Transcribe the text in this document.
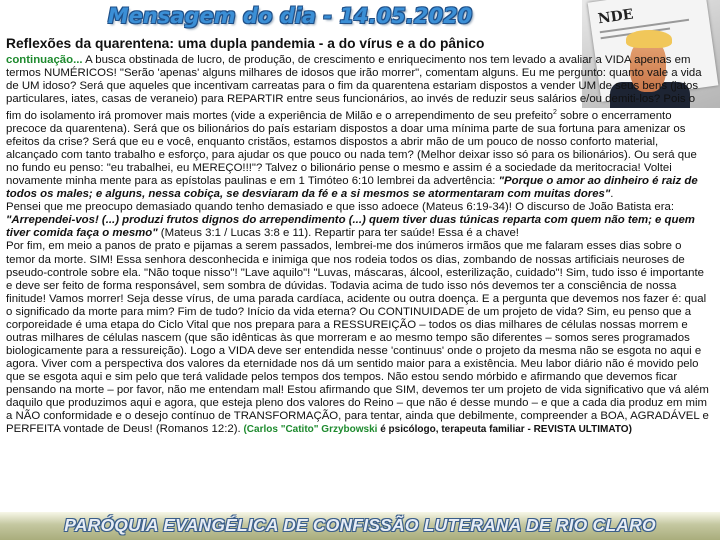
Mensagem do dia - 14.05.2020	NDE
Reflexões da quarentena: uma dupla pandemia - a do vírus e a do pânico

continuação... A busca obstinada de lucro, de produção, de crescimento e enriquecimento nos tem levado a avaliar a VIDA apenas em termos NUMÉRICOS! "Serão 'apenas' alguns milhares de idosos que irão morrer", comentam alguns. Eu me pergunto: quanto vale a vida de UM idoso? Será que aqueles que incentivam carreatas para o fim da quarentena estariam dispostos a vender UM de seus bens (jatos particulares, iates, casas de veraneio) para REPARTIR entre seus funcionários, ao invés de reduzir seus salários e/ou demiti-los? Pois o fim do isolamento irá promover mais mortes (vide a experiência de Milão e o arrependimento de seu prefeito$^2$ sobre o encerramento precoce da quarentena). Será que os bilionários do país estariam dispostos a doar uma mínima parte de sua fortuna para amenizar os efeitos da crise? Será que eu e você, enquanto cristãos, estamos dispostos a abrir mão de um pouco de nosso conforto material, alcançado com tanto trabalho e esforço, para ajudar os que pouco ou nada tem? (Melhor deixar isso só para os bilionários). Ou será que no fundo eu penso: "eu trabalhei, eu MEREÇO!!!"? Talvez o bilionário pense o mesmo e assim é a sociedade da meritocracia! Voltei novamente minha mente para as epístolas paulinas e em 1 Timóteo 6:10 lembrei da advertência: "Porque o amor ao dinheiro é raiz de todos os males; e alguns, nessa cobiça, se desviaram da fé e a si mesmos se atormentaram com muitas dores".

Pensei que me preocupo demasiado quando tenho demasiado e que isso adoece (Mateus 6:19-34)! O discurso de João Batista era: "Arrependei-vos! (...) produzi frutos dignos do arrependimento (...) quem tiver duas túnicas reparta com quem não tem; e quem tiver comida faça o mesmo" (Mateus 3:1 / Lucas 3:8 e 11). Repartir para ter saúde! Essa é a chave!

Por fim, em meio a panos de prato e pijamas a serem passados, lembrei-me dos inúmeros irmãos que me falaram esses dias sobre o temor da morte. SIM! Essa senhora desconhecida e inimiga que nos rodeia todos os dias, zombando de nossas artificiais neuroses de pseudo-controle sobre ela. "Não toque nisso"! "Lave aquilo"! "Luvas, máscaras, álcool, esterilização, cuidado"! Sim, tudo isso é importante e deve ser feito de forma responsável, sem sombra de dúvidas. Todavia acima de tudo isso nós devemos ter a consciência de nossa finitude! Vamos morrer! Seja desse vírus, de uma parada cardíaca, acidente ou outra doença. E a pergunta que devemos nos fazer é: qual o significado da morte para mim? Fim de tudo? Início da vida eterna? Ou CONTINUIDADE de um projeto de vida? Sim, eu penso que a corporeidade é uma etapa do Ciclo Vital que nos prepara para a RESSUREIÇÃO – todos os dias milhares de células nossas morrem e outras milhares de células nascem (que são idênticas às que morreram e ao mesmo tempo são diferentes – somos seres programados biologicamente para a ressureição). Logo a VIDA deve ser entendida nesse 'continuus' onde o projeto da mesma não se esgota no aqui e agora. Viver com a perspectiva dos valores da eternidade nos dá um sentido maior para a existência. Meu labor diário não é movido pelo que se esgota aqui e sim pelo que terá validade pelos tempos dos tempos. Não estou sendo mórbido e afirmando que devemos ficar pensando na morte – por favor, não me entendam mal! Estou afirmando que SIM, devemos ter um projeto de vida significativo que vá além daquilo que produzimos aqui e agora, que esteja pleno dos valores do Reino – que não é desse mundo – e que a cada dia produz em mim a NÃO conformidade e o desejo contínuo de TRANSFORMAÇÃO, para tentar, ainda que debilmente, compreender a BOA, AGRADÁVEL e PERFEITA vontade de Deus! (Romanos 12:2). (Carlos "Catito" Grzybowski é psicólogo, terapeuta familiar - REVISTA ULTIMATO)

PARÓQUIA EVANGÉLICA DE CONFISSÃO LUTERANA DE RIO CLARO
